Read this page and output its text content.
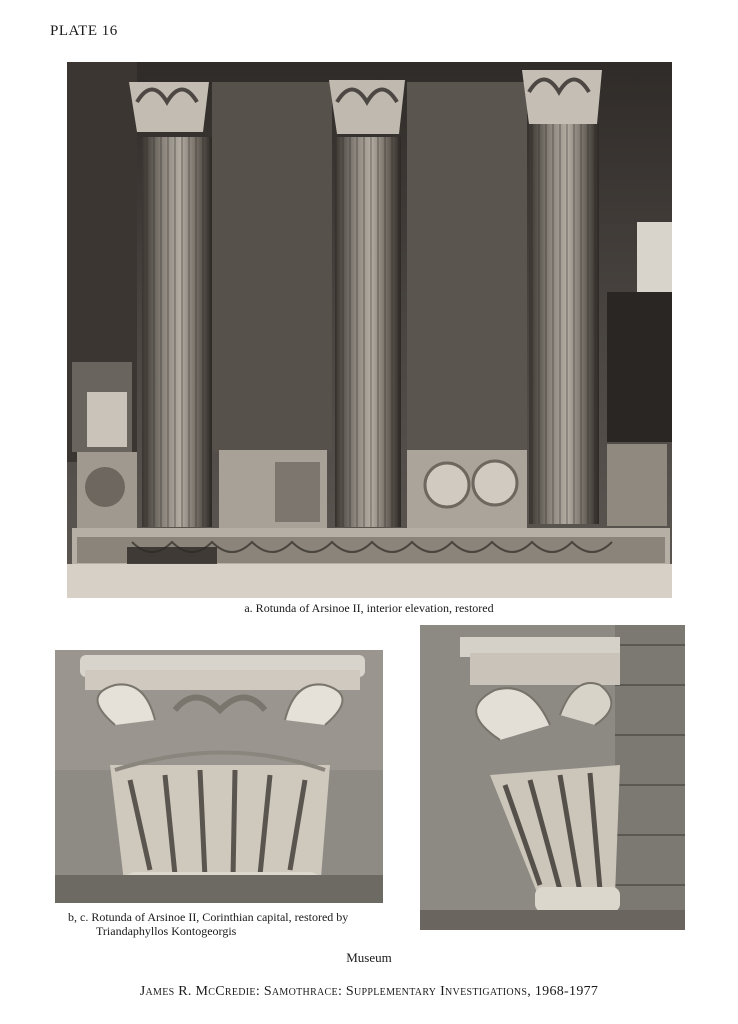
PLATE 16
a. Rotunda of Arsinoe II, interior elevation, restored
b, c. Rotunda of Arsinoe II, Corinthian capital, restored by
Triandaphyllos Kontogeorgis
Museum
James R. McCredie: Samothrace: Supplementary Investigations, 1968-1977
